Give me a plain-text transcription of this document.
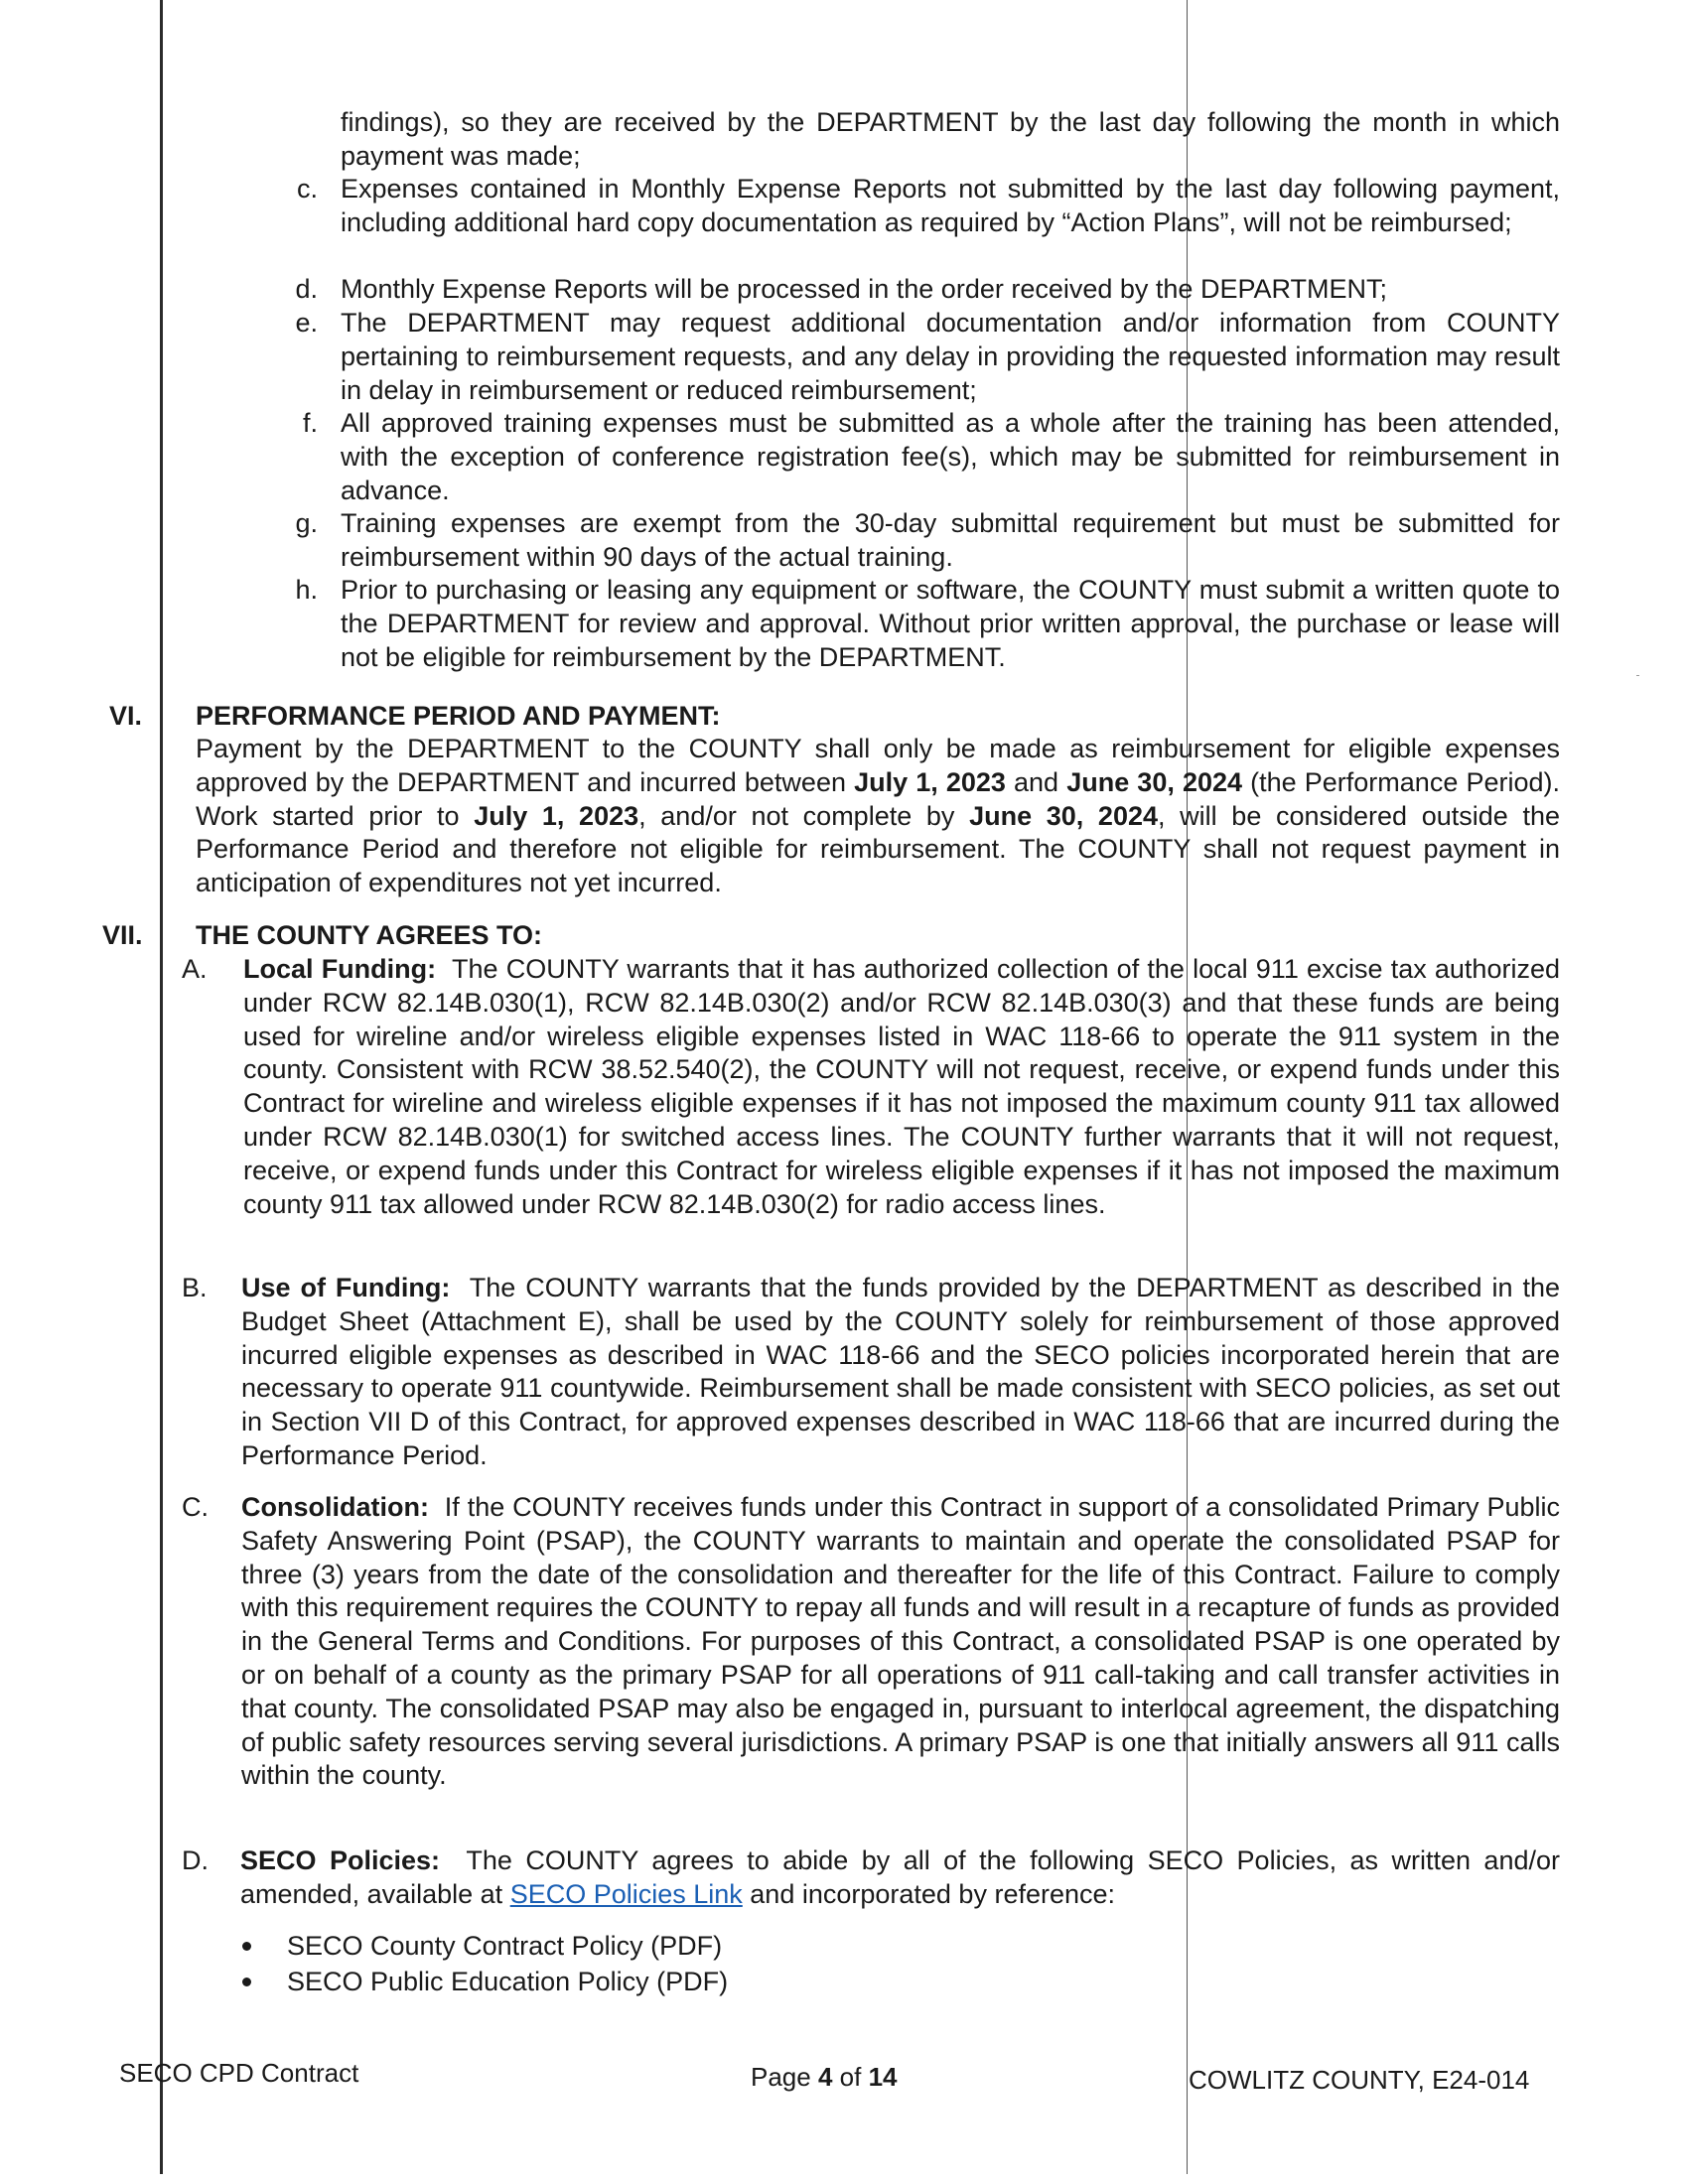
findings), so they are received by the DEPARTMENT by the last day following the month in which payment was made;
c. Expenses contained in Monthly Expense Reports not submitted by the last day following payment, including additional hard copy documentation as required by “Action Plans”, will not be reimbursed;
d. Monthly Expense Reports will be processed in the order received by the DEPARTMENT;
e. The DEPARTMENT may request additional documentation and/or information from COUNTY pertaining to reimbursement requests, and any delay in providing the requested information may result in delay in reimbursement or reduced reimbursement;
f. All approved training expenses must be submitted as a whole after the training has been attended, with the exception of conference registration fee(s), which may be submitted for reimbursement in advance.
g. Training expenses are exempt from the 30-day submittal requirement but must be submitted for reimbursement within 90 days of the actual training.
h. Prior to purchasing or leasing any equipment or software, the COUNTY must submit a written quote to the DEPARTMENT for review and approval. Without prior written approval, the purchase or lease will not be eligible for reimbursement by the DEPARTMENT.
VI. PERFORMANCE PERIOD AND PAYMENT:
Payment by the DEPARTMENT to the COUNTY shall only be made as reimbursement for eligible expenses approved by the DEPARTMENT and incurred between July 1, 2023 and June 30, 2024 (the Performance Period). Work started prior to July 1, 2023, and/or not complete by June 30, 2024, will be considered outside the Performance Period and therefore not eligible for reimbursement. The COUNTY shall not request payment in anticipation of expenditures not yet incurred.
VII. THE COUNTY AGREES TO:
A.	Local Funding: The COUNTY warrants that it has authorized collection of the local 911 excise tax authorized under RCW 82.14B.030(1), RCW 82.14B.030(2) and/or RCW 82.14B.030(3) and that these funds are being used for wireline and/or wireless eligible expenses listed in WAC 118-66 to operate the 911 system in the county. Consistent with RCW 38.52.540(2), the COUNTY will not request, receive, or expend funds under this Contract for wireline and wireless eligible expenses if it has not imposed the maximum county 911 tax allowed under RCW 82.14B.030(1) for switched access lines. The COUNTY further warrants that it will not request, receive, or expend funds under this Contract for wireless eligible expenses if it has not imposed the maximum county 911 tax allowed under RCW 82.14B.030(2) for radio access lines.
B.	Use of Funding: The COUNTY warrants that the funds provided by the DEPARTMENT as described in the Budget Sheet (Attachment E), shall be used by the COUNTY solely for reimbursement of those approved incurred eligible expenses as described in WAC 118-66 and the SECO policies incorporated herein that are necessary to operate 911 countywide. Reimbursement shall be made consistent with SECO policies, as set out in Section VII D of this Contract, for approved expenses described in WAC 118-66 that are incurred during the Performance Period.
C.	Consolidation: If the COUNTY receives funds under this Contract in support of a consolidated Primary Public Safety Answering Point (PSAP), the COUNTY warrants to maintain and operate the consolidated PSAP for three (3) years from the date of the consolidation and thereafter for the life of this Contract. Failure to comply with this requirement requires the COUNTY to repay all funds and will result in a recapture of funds as provided in the General Terms and Conditions. For purposes of this Contract, a consolidated PSAP is one operated by or on behalf of a county as the primary PSAP for all operations of 911 call-taking and call transfer activities in that county. The consolidated PSAP may also be engaged in, pursuant to interlocal agreement, the dispatching of public safety resources serving several jurisdictions. A primary PSAP is one that initially answers all 911 calls within the county.
D.	SECO Policies: The COUNTY agrees to abide by all of the following SECO Policies, as written and/or amended, available at SECO Policies Link and incorporated by reference:
SECO County Contract Policy (PDF)
SECO Public Education Policy (PDF)
SECO CPD Contract	Page 4 of 14	COWLITZ COUNTY, E24-014
